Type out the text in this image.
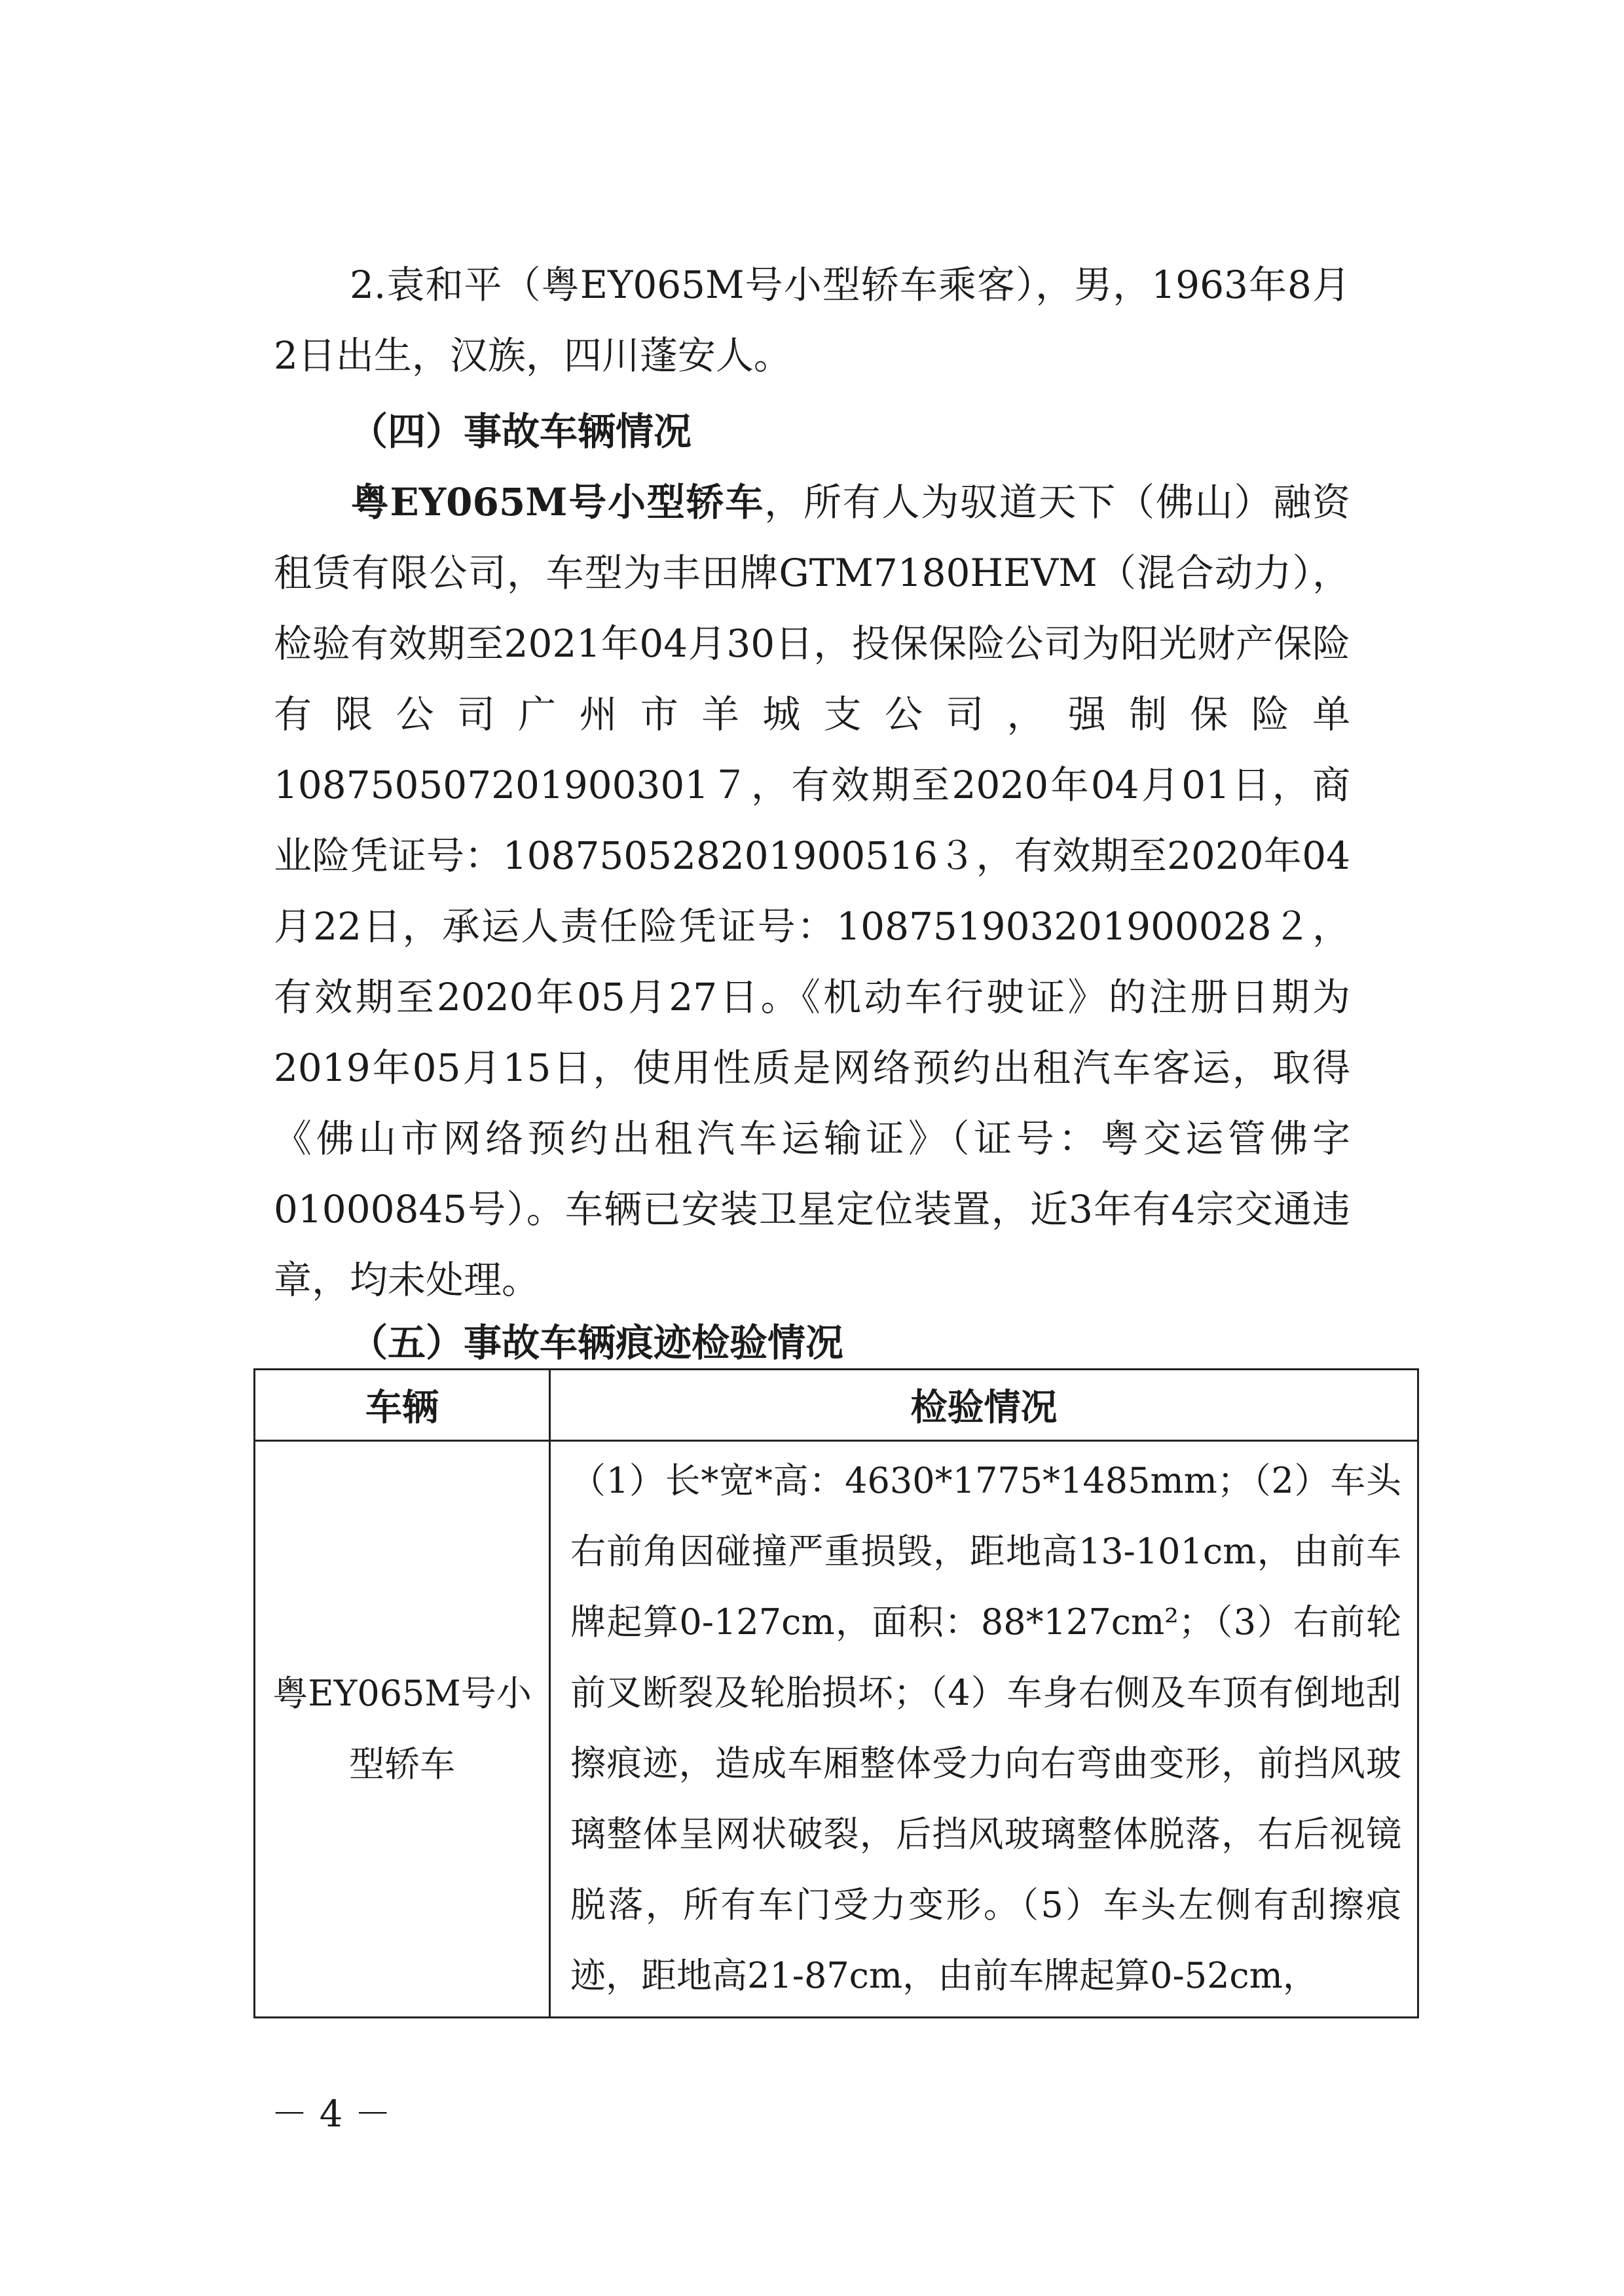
2.袁和平（粤EY065M号小型轿车乘客），男，1963年8月2日出生，汉族，四川蓬安人。

（四）事故车辆情况

粤EY065M号小型轿车，所有人为驭道天下（佛山）融资租赁有限公司，车型为丰田牌GTM7180HEVM（混合动力），检验有效期至2021年04月30日，投保保险公司为阳光财产保险有限公司广州市羊城支公司，强制保险单108750507201900301７，有效期至2020年04月01日，商业险凭证号：108750528201900516３，有效期至2020年04月22日，承运人责任险凭证号：108751903201900028２，有效期至2020年05月27日。《机动车行驶证》的注册日期为2019年05月15日，使用性质是网络预约出租汽车客运，取得《佛山市网络预约出租汽车运输证》（证号：粤交运管佛字01000845号）。车辆已安装卫星定位装置，近3年有4宗交通违章，均未处理。

（五）事故车辆痕迹检验情况

车辆	检验情况
粤EY065M号小型轿车	（1）长*宽*高：4630*1775*1485mm；（2）车头右前角因碰撞严重损毁，距地高13-101cm，由前车牌起算0-127cm，面积：88*127cm²；（3）右前轮前叉断裂及轮胎损坏；（4）车身右侧及车顶有倒地刮擦痕迹，造成车厢整体受力向右弯曲变形，前挡风玻璃整体呈网状破裂，后挡风玻璃整体脱落，右后视镜脱落，所有车门受力变形。（5）车头左侧有刮擦痕迹，距地高21-87cm，由前车牌起算0-52cm，
－ 4 －
